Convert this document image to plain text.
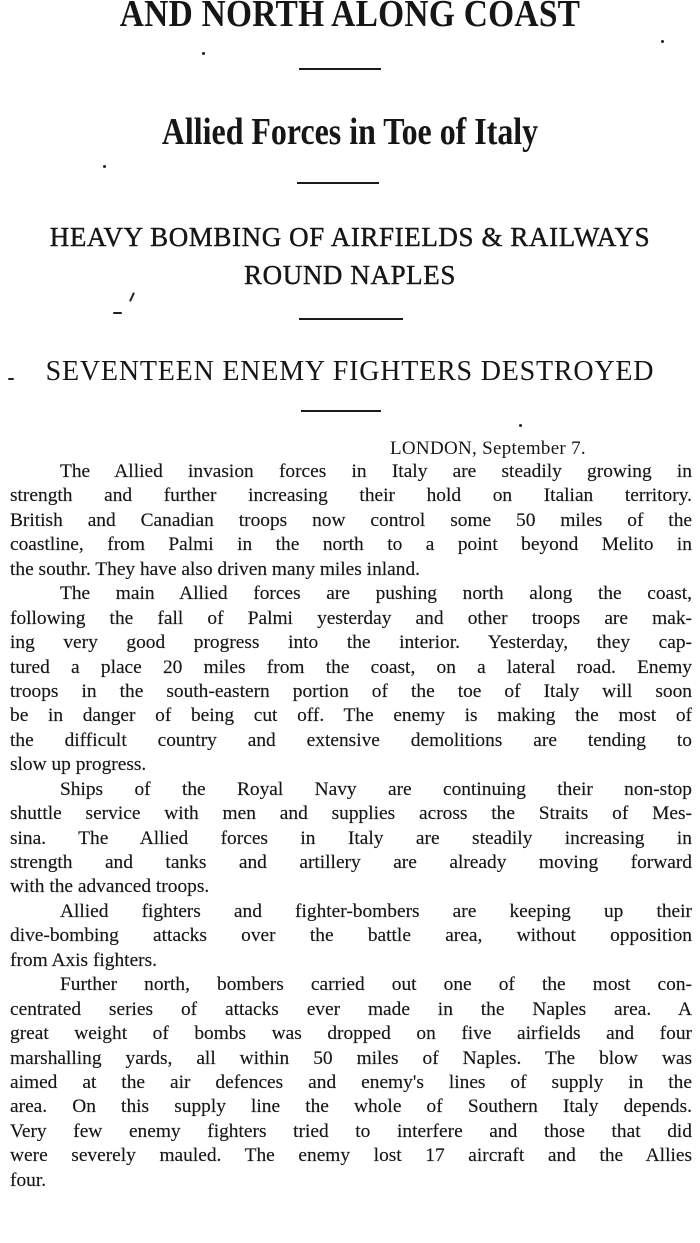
AND NORTH ALONG COAST
Allied Forces in Toe of Italy
HEAVY BOMBING OF AIRFIELDS & RAILWAYS
ROUND NAPLES
SEVENTEEN ENEMY FIGHTERS DESTROYED
LONDON, September 7.
The Allied invasion forces in Italy are steadily growing in
strength and further increasing their hold on Italian territory.
British and Canadian troops now control some 50 miles of the
coastline, from Palmi in the north to a point beyond Melito in
the southr. They have also driven many miles inland.
The main Allied forces are pushing north along the coast,
following the fall of Palmi yesterday and other troops are mak-
ing very good progress into the interior. Yesterday, they cap-
tured a place 20 miles from the coast, on a lateral road. Enemy
troops in the south-eastern portion of the toe of Italy will soon
be in danger of being cut off. The enemy is making the most of
the difficult country and extensive demolitions are tending to
slow up progress.
Ships of the Royal Navy are continuing their non-stop
shuttle service with men and supplies across the Straits of Mes-
sina. The Allied forces in Italy are steadily increasing in
strength and tanks and artillery are already moving forward
with the advanced troops.
Allied fighters and fighter-bombers are keeping up their
dive-bombing attacks over the battle area, without opposition
from Axis fighters.
Further north, bombers carried out one of the most con-
centrated series of attacks ever made in the Naples area. A
great weight of bombs was dropped on five airfields and four
marshalling yards, all within 50 miles of Naples. The blow was
aimed at the air defences and enemy's lines of supply in the
area. On this supply line the whole of Southern Italy depends.
Very few enemy fighters tried to interfere and those that did
were severely mauled. The enemy lost 17 aircraft and the Allies
four.
